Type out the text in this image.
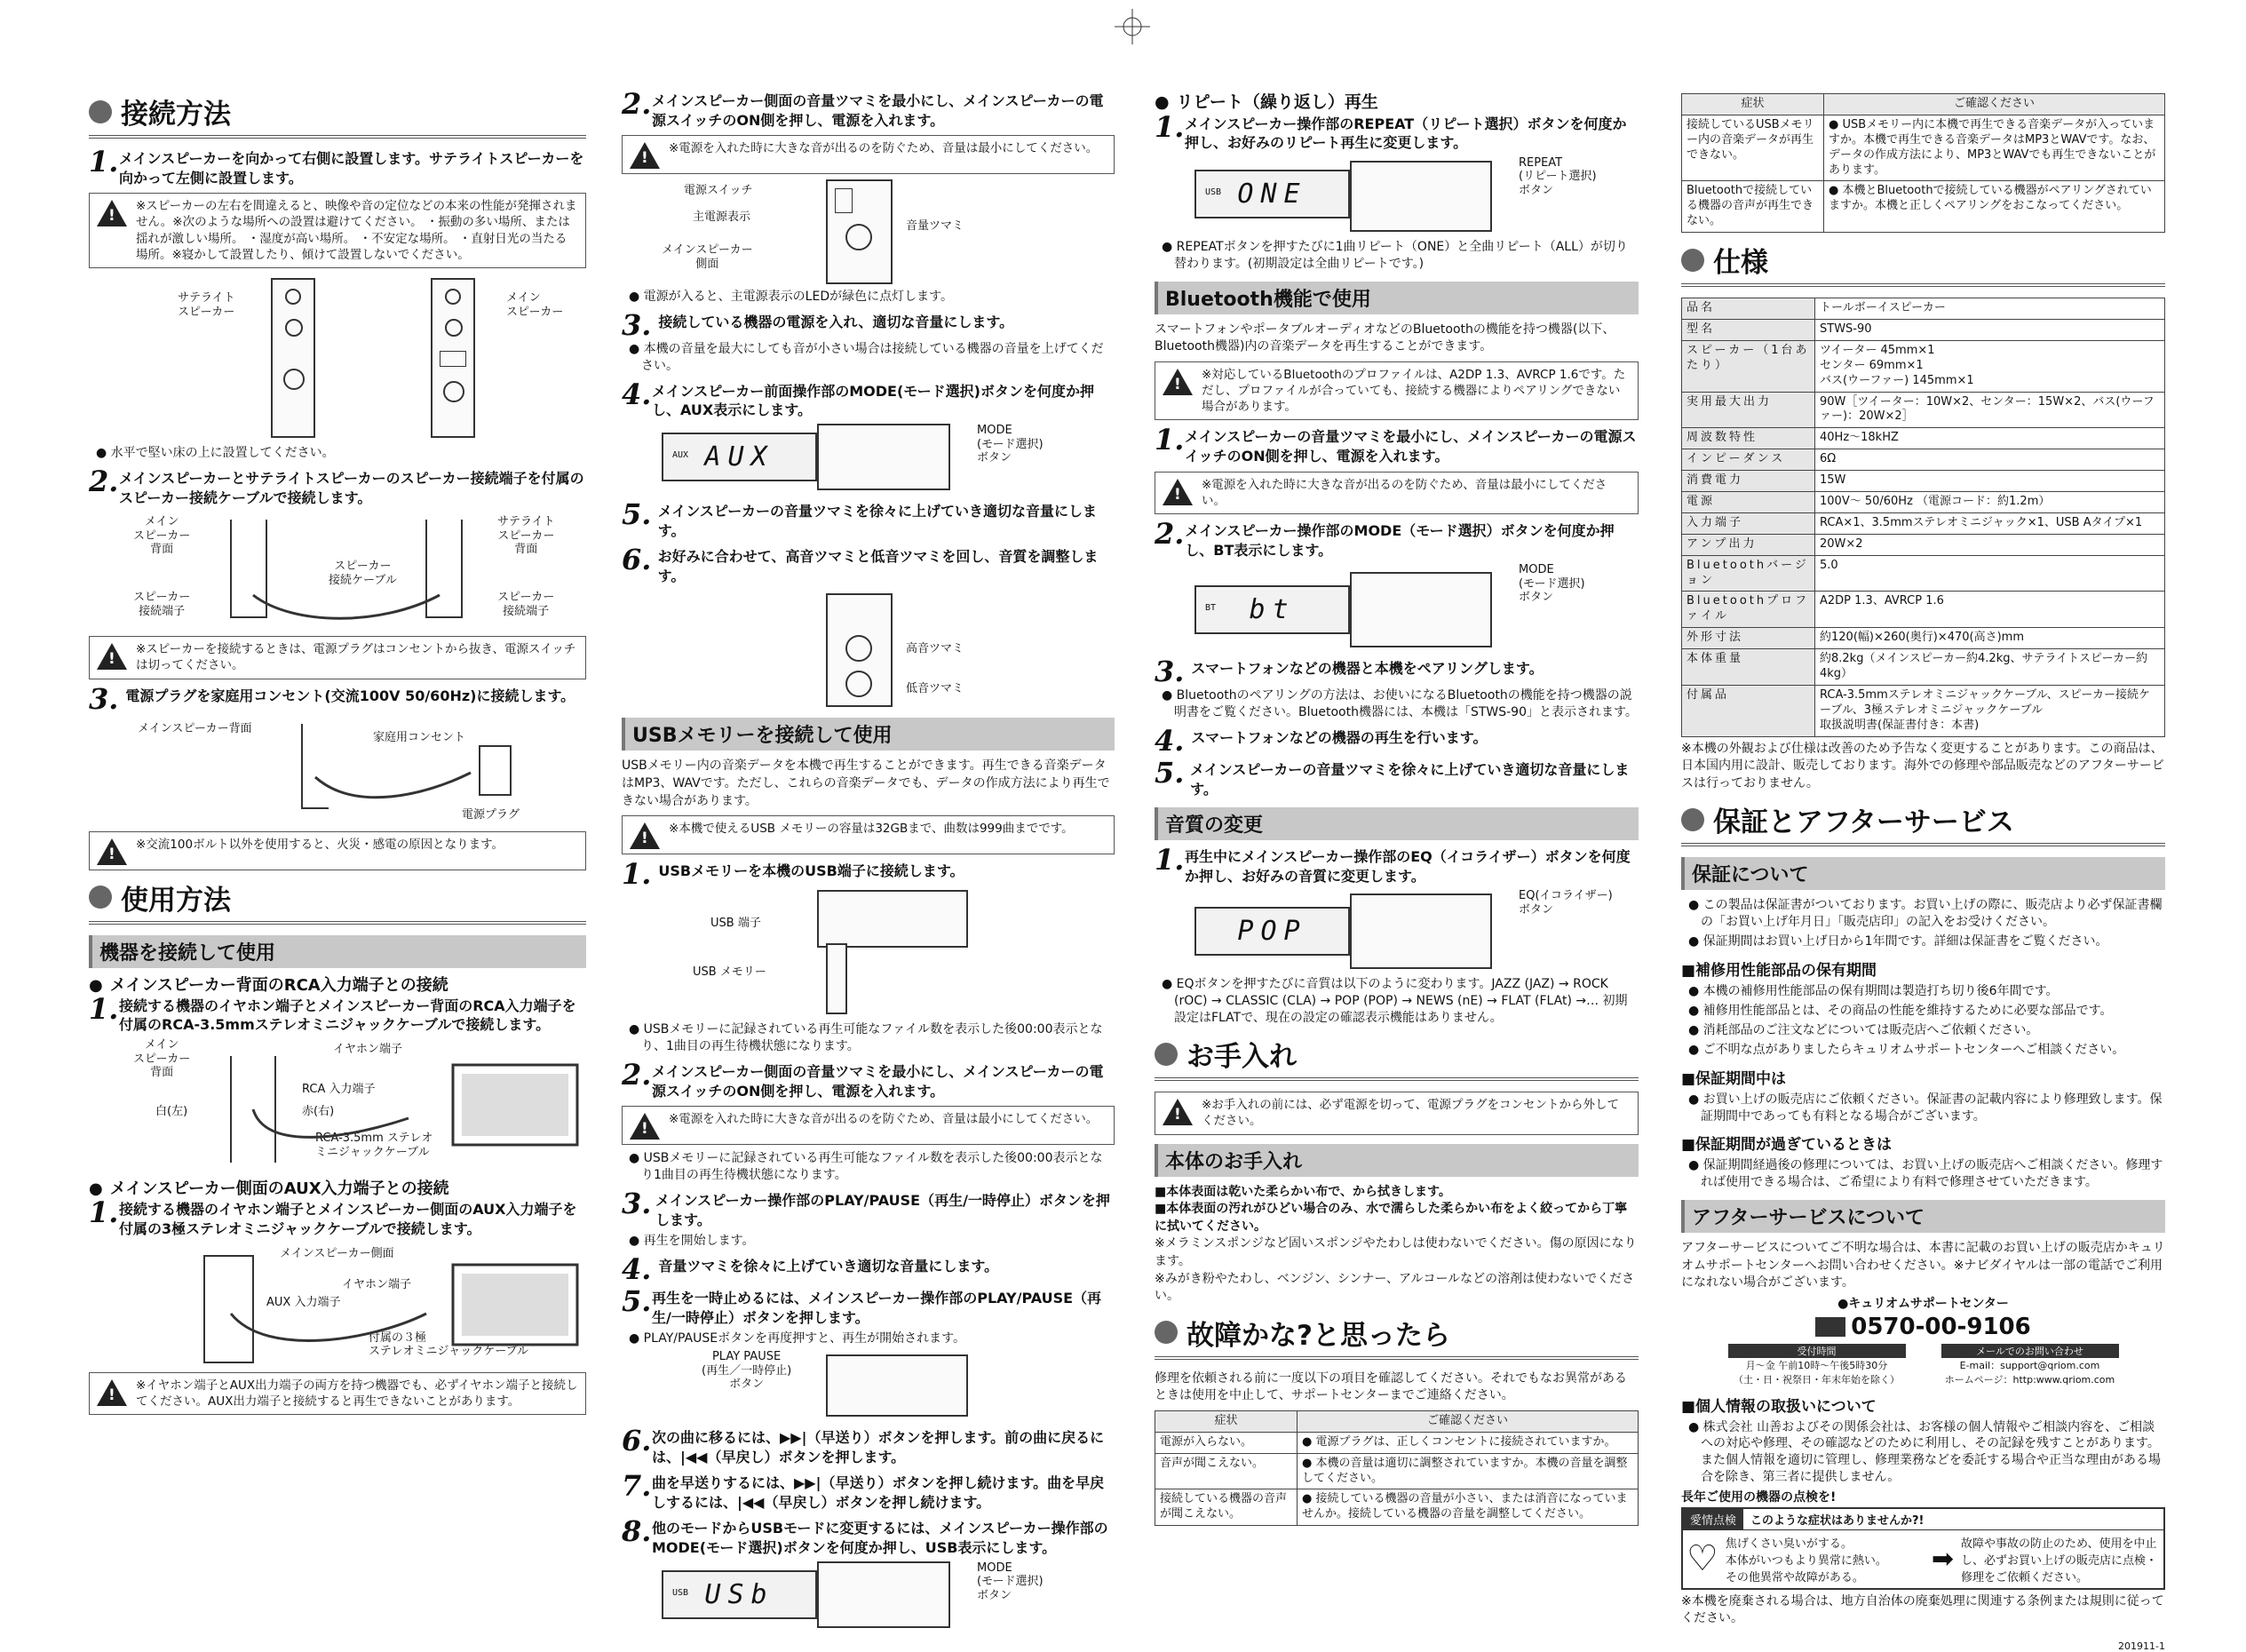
接続方法
1. メインスピーカーを向かって右側に設置します。サテライトスピーカーを向かって左側に設置します。
!
※スピーカーの左右を間違えると、映像や音の定位などの本来の性能が発揮されません。※次のような場所への設置は避けてください。 ・振動の多い場所、または揺れが激しい場所。 ・湿度が高い場所。 ・不安定な場所。 ・直射日光の当たる場所。※寝かして設置したり、傾けて設置しないでください。
サテライト
スピーカー
メイン
スピーカー
● 水平で堅い床の上に設置してください。
2. メインスピーカーとサテライトスピーカーのスピーカー接続端子を付属のスピーカー接続ケーブルで接続します。
メイン
スピーカー
背面
サテライト
スピーカー
背面
スピーカー
接続ケーブル
スピーカー
接続端子
スピーカー
接続端子
!
※スピーカーを接続するときは、電源プラグはコンセントから抜き、電源スイッチは切ってください。
3. 電源プラグを家庭用コンセント(交流100V 50/60Hz)に接続します。
メインスピーカー背面
家庭用コンセント
電源プラグ
!
※交流100ボルト以外を使用すると、火災・感電の原因となります。
使用方法
機器を接続して使用
● メインスピーカー背面のRCA入力端子との接続
1. 接続する機器のイヤホン端子とメインスピーカー背面のRCA入力端子を付属のRCA-3.5mmステレオミニジャックケーブルで接続します。
メイン
スピーカー
背面
白(左)
イヤホン端子
RCA 入力端子
赤(右)
RCA-3.5mm ステレオ
ミニジャックケーブル
● メインスピーカー側面のAUX入力端子との接続
1. 接続する機器のイヤホン端子とメインスピーカー側面のAUX入力端子を付属の3極ステレオミニジャックケーブルで接続します。
メインスピーカー側面
イヤホン端子
AUX 入力端子
付属の３極
ステレオミニジャックケーブル
!
※イヤホン端子とAUX出力端子の両方を持つ機器でも、必ずイヤホン端子と接続してください。AUX出力端子と接続すると再生できないことがあります。
2. メインスピーカー側面の音量ツマミを最小にし、メインスピーカーの電源スイッチのON側を押し、電源を入れます。
!
※電源を入れた時に大きな音が出るのを防ぐため、音量は最小にしてください。
電源スイッチ
主電源表示
メインスピーカー
側面
音量ツマミ
● 電源が入ると、主電源表示のLEDが緑色に点灯します。
3. 接続している機器の電源を入れ、適切な音量にします。
● 本機の音量を最大にしても音が小さい場合は接続している機器の音量を上げてください。
4. メインスピーカー前面操作部のMODE(モード選択)ボタンを何度か押し、AUX表示にします。
AUX AUX
MODE
(モード選択)
ボタン
5. メインスピーカーの音量ツマミを徐々に上げていき適切な音量にします。
6. お好みに合わせて、高音ツマミと低音ツマミを回し、音質を調整します。
高音ツマミ
低音ツマミ
USBメモリーを接続して使用
USBメモリー内の音楽データを本機で再生することができます。再生できる音楽データはMP3、WAVです。ただし、これらの音楽データでも、データの作成方法により再生できない場合があります。
!
※本機で使えるUSB メモリーの容量は32GBまで、曲数は999曲までです。
1. USBメモリーを本機のUSB端子に接続します。
USB 端子
USB メモリー
● USBメモリーに記録されている再生可能なファイル数を表示した後00:00表示となり、1曲目の再生待機状態になります。
2. メインスピーカー側面の音量ツマミを最小にし、メインスピーカーの電源スイッチのON側を押し、電源を入れます。
!
※電源を入れた時に大きな音が出るのを防ぐため、音量は最小にしてください。
● USBメモリーに記録されている再生可能なファイル数を表示した後00:00表示となり1曲目の再生待機状態になります。
3. メインスピーカー操作部のPLAY/PAUSE（再生/一時停止）ボタンを押します。
● 再生を開始します。
4. 音量ツマミを徐々に上げていき適切な音量にします。
5. 再生を一時止めるには、メインスピーカー操作部のPLAY/PAUSE（再生/一時停止）ボタンを押します。
● PLAY/PAUSEボタンを再度押すと、再生が開始されます。
PLAY PAUSE
(再生／一時停止)
ボタン
6. 次の曲に移るには、▶▶|（早送り）ボタンを押します。前の曲に戻るには、|◀◀（早戻し）ボタンを押します。
7. 曲を早送りするには、▶▶|（早送り）ボタンを押し続けます。曲を早戻しするには、|◀◀（早戻し）ボタンを押し続けます。
8. 他のモードからUSBモードに変更するには、メインスピーカー操作部のMODE(モード選択)ボタンを何度か押し、USB表示にします。
USB USb
MODE
(モード選択)
ボタン
● リピート（繰り返し）再生
1. メインスピーカー操作部のREPEAT（リピート選択）ボタンを何度か押し、お好みのリピート再生に変更します。
USB ONE
REPEAT
(リピート選択)
ボタン
● REPEATボタンを押すたびに1曲リピート（ONE）と全曲リピート（ALL）が切り替わります。(初期設定は全曲リピートです。)
Bluetooth機能で使用
スマートフォンやポータブルオーディオなどのBluetoothの機能を持つ機器(以下、Bluetooth機器)内の音楽データを再生することができます。
!
※対応しているBluetoothのプロファイルは、A2DP 1.3、AVRCP 1.6です。ただし、プロファイルが合っていても、接続する機器によりペアリングできない場合があります。
1. メインスピーカーの音量ツマミを最小にし、メインスピーカーの電源スイッチのON側を押し、電源を入れます。
!
※電源を入れた時に大きな音が出るのを防ぐため、音量は最小にしてください。
2. メインスピーカー操作部のMODE（モード選択）ボタンを何度か押し、BT表示にします。
BT bt
MODE
(モード選択)
ボタン
3. スマートフォンなどの機器と本機をペアリングします。
● Bluetoothのペアリングの方法は、お使いになるBluetoothの機能を持つ機器の説明書をご覧ください。Bluetooth機器には、本機は「STWS-90」と表示されます。
4. スマートフォンなどの機器の再生を行います。
5. メインスピーカーの音量ツマミを徐々に上げていき適切な音量にします。
音質の変更
1. 再生中にメインスピーカー操作部のEQ（イコライザー）ボタンを何度か押し、お好みの音質に変更します。
POP
EQ(イコライザー)
ボタン
● EQボタンを押すたびに音質は以下のように変わります。JAZZ (JAZ) → ROCK (rOC) → CLASSIC (CLA) → POP (POP) → NEWS (nE) → FLAT (FLAt) →… 初期設定はFLATで、現在の設定の確認表示機能はありません。
お手入れ
!
※お手入れの前には、必ず電源を切って、電源プラグをコンセントから外してください。
本体のお手入れ
■本体表面は乾いた柔らかい布で、から拭きします。
■本体表面の汚れがひどい場合のみ、水で濡らした柔らかい布をよく絞ってから丁寧に拭いてください。
※メラミンスポンジなど固いスポンジやたわしは使わないでください。傷の原因になります。
※みがき粉やたわし、ベンジン、シンナー、アルコールなどの溶剤は使わないでください。
故障かな?と思ったら
修理を依頼される前に一度以下の項目を確認してください。それでもなお異常があるときは使用を中止して、サポートセンターまでご連絡ください。
症状	ご確認ください
電源が入らない。	● 電源プラグは、正しくコンセントに接続されていますか。
音声が聞こえない。	● 本機の音量は適切に調整されていますか。本機の音量を調整してください。
接続している機器の音声が聞こえない。	● 接続している機器の音量が小さい、または消音になっていませんか。接続している機器の音量を調整してください。
症状	ご確認ください
接続しているUSBメモリー内の音楽データが再生できない。	● USBメモリー内に本機で再生できる音楽データが入っていますか。本機で再生できる音楽データはMP3とWAVです。なお、データの作成方法により、MP3とWAVでも再生できないことがあります。
Bluetoothで接続している機器の音声が再生できない。	● 本機とBluetoothで接続している機器がペアリングされていますか。本機と正しくペアリングをおこなってください。
仕様
品名	トールボーイスピーカー
型名	STWS-90
スピーカー（1台あたり）	ツイーター 45mm×1
センター 69mm×1
バス(ウーファー) 145mm×1
実用最大出力	90W［ツイーター：10W×2、センター：15W×2、バス(ウーファー)：20W×2］
周波数特性	40Hz～18kHZ
インピーダンス	6Ω
消費電力	15W
電源	100V～ 50/60Hz （電源コード：約1.2m）
入力端子	RCA×1、3.5mmステレオミニジャック×1、USB Aタイプ×1
アンプ出力	20W×2
Bluetoothバージョン	5.0
Bluetoothプロファイル	A2DP 1.3、AVRCP 1.6
外形寸法	約120(幅)×260(奥行)×470(高さ)mm
本体重量	約8.2kg（メインスピーカー約4.2kg、サテライトスピーカー約4kg）
付属品	RCA-3.5mmステレオミニジャックケーブル、スピーカー接続ケーブル、3極ステレオミニジャックケーブル
取扱説明書(保証書付き：本書)
※本機の外観および仕様は改善のため予告なく変更することがあります。この商品は、日本国内用に設計、販売しております。海外での修理や部品販売などのアフターサービスは行っておりません。
保証とアフターサービス
保証について
● この製品は保証書がついております。お買い上げの際に、販売店より必ず保証書欄の「お買い上げ年月日」「販売店印」の記入をお受けください。
● 保証期間はお買い上げ日から1年間です。詳細は保証書をご覧ください。
■補修用性能部品の保有期間
● 本機の補修用性能部品の保有期間は製造打ち切り後6年間です。
● 補修用性能部品とは、その商品の性能を維持するために必要な部品です。
● 消耗部品のご注文などについては販売店へご依頼ください。
● ご不明な点がありましたらキュリオムサポートセンターへご相談ください。
■保証期間中は
● お買い上げの販売店にご依頼ください。保証書の記載内容により修理致します。保証期間中であっても有料となる場合がございます。
■保証期間が過ぎているときは
● 保証期間経過後の修理については、お買い上げの販売店へご相談ください。修理すれば使用できる場合は、ご希望により有料で修理させていただきます。
アフターサービスについて
アフターサービスについてご不明な場合は、本書に記載のお買い上げの販売店かキュリオムサポートセンターへお問い合わせください。※ナビダイヤルは一部の電話でご利用になれない場合がございます。
●キュリオムサポートセンター
0570-00-9106
受付時間
月～金 午前10時～午後5時30分
（土・日・祝祭日・年末年始を除く）
メールでのお問い合わせ
E-mail：support@qriom.com
ホームページ：http:www.qriom.com
■個人情報の取扱いについて
● 株式会社 山善およびその関係会社は、お客様の個人情報やご相談内容を、ご相談への対応や修理、その確認などのために利用し、その記録を残すことがあります。また個人情報を適切に管理し、修理業務などを委託する場合や正当な理由がある場合を除き、第三者に提供しません。
長年ご使用の機器の点検を!
愛情点検	このような症状はありませんか?!
♡ 焦げくさい臭いがする。
本体がいつもより異常に熱い。
その他異常や故障がある。
➡ 故障や事故の防止のため、使用を中止し、必ずお買い上げの販売店に点検・修理をご依頼ください。
※本機を廃棄される場合は、地方自治体の廃棄処理に関連する条例または規則に従ってください。
201911-1
